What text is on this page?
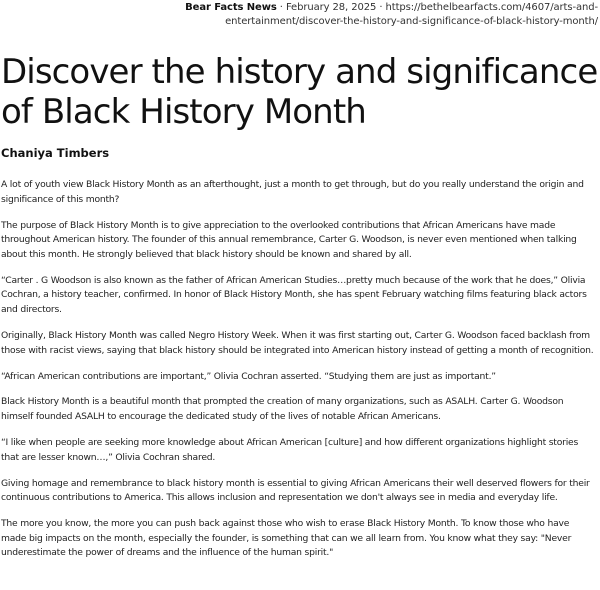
Bear Facts News · February 28, 2025 · https://bethelbearfacts.com/4607/arts-and-entertainment/discover-the-history-and-significance-of-black-history-month/
Discover the history and significance of Black History Month
Chaniya Timbers

A lot of youth view Black History Month as an afterthought, just a month to get through, but do you really understand the origin and significance of this month?

The purpose of Black History Month is to give appreciation to the overlooked contributions that African Americans have made throughout American history. The founder of this annual remembrance, Carter G. Woodson, is never even mentioned when talking about this month. He strongly believed that black history should be known and shared by all.

“Carter . G Woodson is also known as the father of African American Studies…pretty much because of the work that he does,” Olivia Cochran, a history teacher, confirmed. In honor of Black History Month, she has spent February watching films featuring black actors and directors.

Originally, Black History Month was called Negro History Week. When it was first starting out, Carter G. Woodson faced backlash from those with racist views, saying that black history should be integrated into American history instead of getting a month of recognition.

“African American contributions are important,” Olivia Cochran asserted. “Studying them are just as important.”

Black History Month is a beautiful month that prompted the creation of many organizations, such as ASALH. Carter G. Woodson himself founded ASALH to encourage the dedicated study of the lives of notable African Americans.

“I like when people are seeking more knowledge about African American [culture] and how different organizations highlight stories that are lesser known…,” Olivia Cochran shared.

Giving homage and remembrance to black history month is essential to giving African Americans their well deserved flowers for their continuous contributions to America. This allows inclusion and representation we don't always see in media and everyday life.

The more you know, the more you can push back against those who wish to erase Black History Month. To know those who have made big impacts on the month, especially the founder, is something that can we all learn from. You know what they say: "Never underestimate the power of dreams and the influence of the human spirit."
